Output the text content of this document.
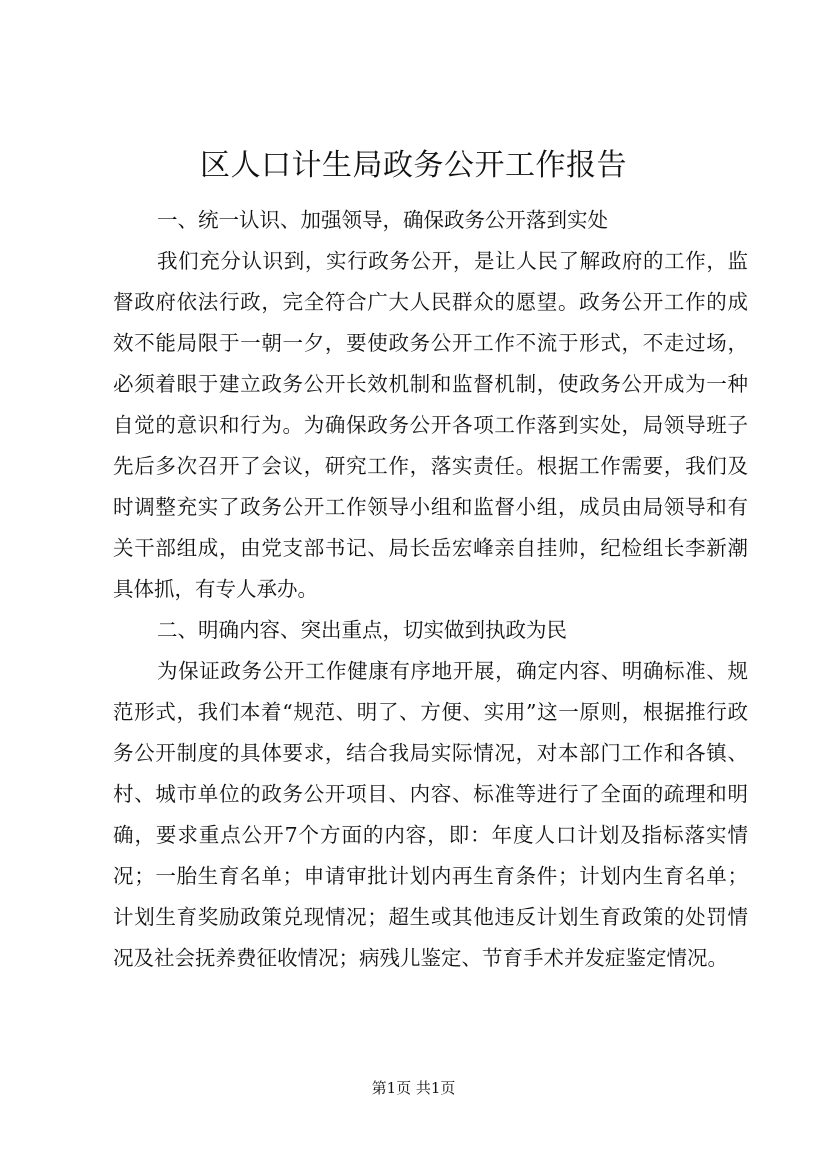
区人口计生局政务公开工作报告

一、统一认识、加强领导，确保政务公开落到实处

我们充分认识到，实行政务公开，是让人民了解政府的工作，监督政府依法行政，完全符合广大人民群众的愿望。政务公开工作的成效不能局限于一朝一夕，要使政务公开工作不流于形式，不走过场，必须着眼于建立政务公开长效机制和监督机制，使政务公开成为一种自觉的意识和行为。为确保政务公开各项工作落到实处，局领导班子先后多次召开了会议，研究工作，落实责任。根据工作需要，我们及时调整充实了政务公开工作领导小组和监督小组，成员由局领导和有关干部组成，由党支部书记、局长岳宏峰亲自挂帅，纪检组长李新潮具体抓，有专人承办。

二、明确内容、突出重点，切实做到执政为民

为保证政务公开工作健康有序地开展，确定内容、明确标准、规范形式，我们本着“规范、明了、方便、实用”这一原则，根据推行政务公开制度的具体要求，结合我局实际情况，对本部门工作和各镇、村、城市单位的政务公开项目、内容、标准等进行了全面的疏理和明确，要求重点公开7个方面的内容，即：年度人口计划及指标落实情况；一胎生育名单；申请审批计划内再生育条件；计划内生育名单；计划生育奖励政策兑现情况；超生或其他违反计划生育政策的处罚情况及社会抚养费征收情况；病残儿鉴定、节育手术并发症鉴定情况。

第1页 共1页
